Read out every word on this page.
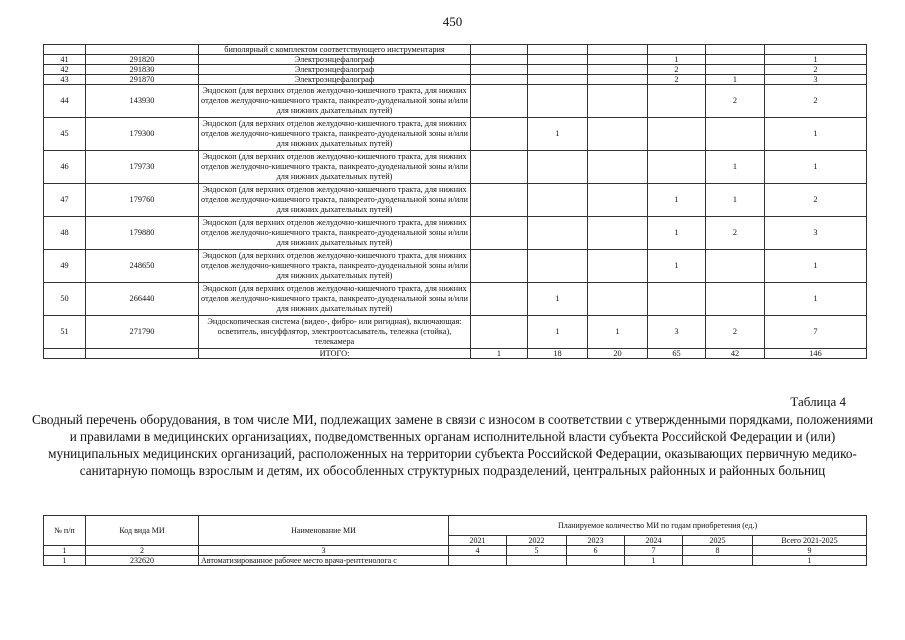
450
		биполярный с комплектом соответствующего инструментария						
41	291820	Электроэнцефалограф				1		1
42	291830	Электроэнцефалограф				2		2
43	291870	Электроэнцефалограф				2	1	3
44	143930	Эндоскоп (для верхних отделов желудочно-кишечного тракта, для нижних отделов желудочно-кишечного тракта, панкреато-дуоденальной зоны и/или для нижних дыхательных путей)					2	2
45	179300	Эндоскоп (для верхних отделов желудочно-кишечного тракта, для нижних отделов желудочно-кишечного тракта, панкреато-дуоденальной зоны и/или для нижних дыхательных путей)		1				1
46	179730	Эндоскоп (для верхних отделов желудочно-кишечного тракта, для нижних отделов желудочно-кишечного тракта, панкреато-дуоденальной зоны и/или для нижних дыхательных путей)					1	1
47	179760	Эндоскоп (для верхних отделов желудочно-кишечного тракта, для нижних отделов желудочно-кишечного тракта, панкреато-дуоденальной зоны и/или для нижних дыхательных путей)				1	1	2
48	179880	Эндоскоп (для верхних отделов желудочно-кишечного тракта, для нижних отделов желудочно-кишечного тракта, панкреато-дуоденальной зоны и/или для нижних дыхательных путей)				1	2	3
49	248650	Эндоскоп (для верхних отделов желудочно-кишечного тракта, для нижних отделов желудочно-кишечного тракта, панкреато-дуоденальной зоны и/или для нижних дыхательных путей)				1		1
50	266440	Эндоскоп (для верхних отделов желудочно-кишечного тракта, для нижних отделов желудочно-кишечного тракта, панкреато-дуоденальной зоны и/или для нижних дыхательных путей)		1				1
51	271790	Эндоскопическая система (видео-, фибро- или ригидная), включающая: осветитель, инсуффлятор, электроотсасыватель, тележка (стойка), телекамера		1	1	3	2	7
		ИТОГО:	1	18	20	65	42	146
Таблица 4
Сводный перечень оборудования, в том числе МИ, подлежащих замене в связи с износом в соответствии с утвержденными порядками, положениями и правилами в медицинских организациях, подведомственных органам исполнительной власти субъекта Российской Федерации и (или) муниципальных медицинских организаций, расположенных на территории субъекта Российской Федерации, оказывающих первичную медико-санитарную помощь взрослым и детям, их обособленных структурных подразделений, центральных районных и районных больниц
№ п/п	Код вида МИ	Наименование МИ	Планируемое количество МИ по годам приобретения (ед.)					
			2021	2022	2023	2024	2025	Всего 2021-2025
1	2	3	4	5	6	7	8	9
1	232620	Автоматизированное рабочее место врача-рентгенолога с				1		1
